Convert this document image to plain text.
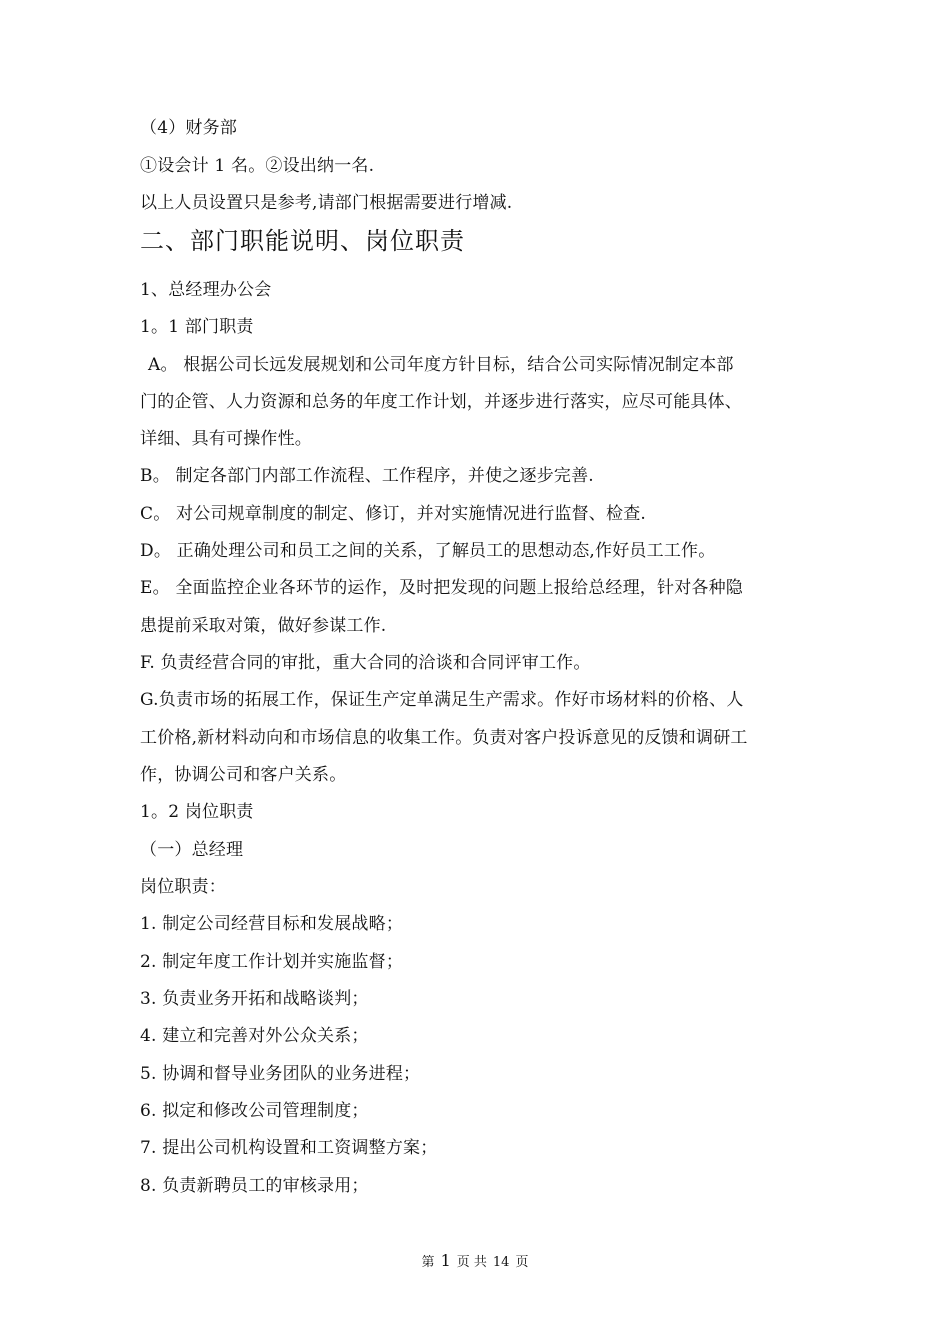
（4）财务部
①设会计 1 名。②设出纳一名.
以上人员设置只是参考,请部门根据需要进行增减.
二、部门职能说明、岗位职责
1、总经理办公会
1。1 部门职责
A。 根据公司长远发展规划和公司年度方针目标，结合公司实际情况制定本部
门的企管、人力资源和总务的年度工作计划，并逐步进行落实，应尽可能具体、
详细、具有可操作性。
B。 制定各部门内部工作流程、工作程序，并使之逐步完善.
C。 对公司规章制度的制定、修订，并对实施情况进行监督、检查.
D。 正确处理公司和员工之间的关系，了解员工的思想动态,作好员工工作。
E。 全面监控企业各环节的运作，及时把发现的问题上报给总经理，针对各种隐
患提前采取对策，做好参谋工作.
F. 负责经营合同的审批，重大合同的洽谈和合同评审工作。
G.负责市场的拓展工作，保证生产定单满足生产需求。作好市场材料的价格、人
工价格,新材料动向和市场信息的收集工作。负责对客户投诉意见的反馈和调研工
作，协调公司和客户关系。
1。2 岗位职责
（一）总经理
岗位职责：
1. 制定公司经营目标和发展战略；
2. 制定年度工作计划并实施监督；
3. 负责业务开拓和战略谈判；
4. 建立和完善对外公众关系；
5. 协调和督导业务团队的业务进程；
6. 拟定和修改公司管理制度；
7. 提出公司机构设置和工资调整方案；
8. 负责新聘员工的审核录用；
第 1 页 共 14 页
